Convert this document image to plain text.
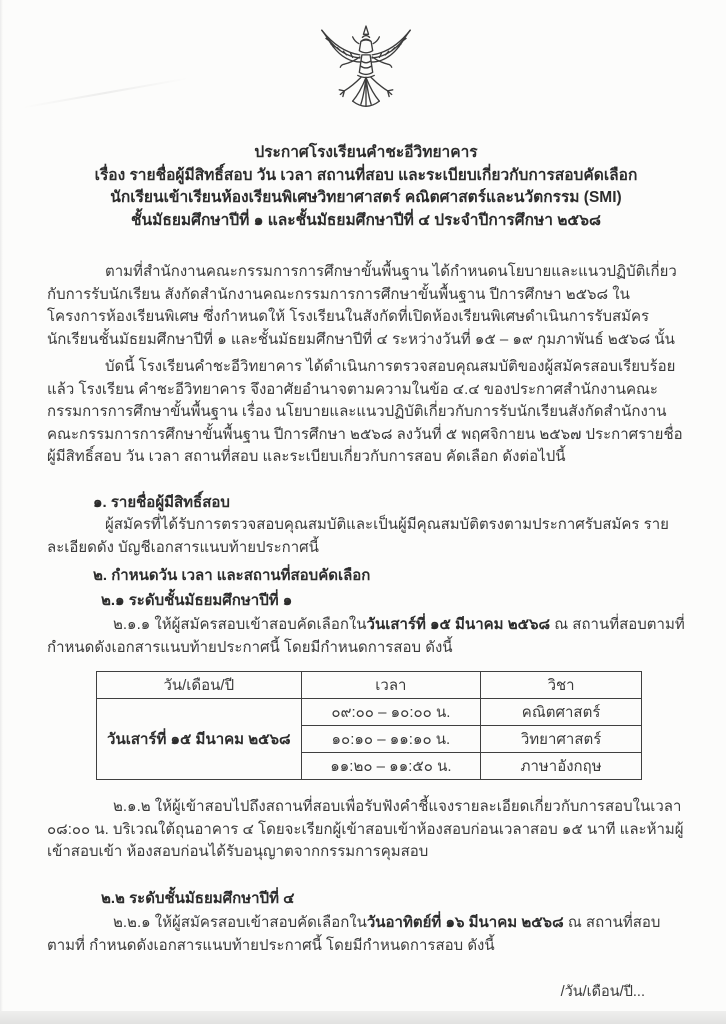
ประกาศโรงเรียนคำชะอีวิทยาคาร
เรื่อง รายชื่อผู้มีสิทธิ์สอบ วัน เวลา สถานที่สอบ และระเบียบเกี่ยวกับการสอบคัดเลือก
นักเรียนเข้าเรียนห้องเรียนพิเศษวิทยาศาสตร์ คณิตศาสตร์และนวัตกรรม (SMI)
ชั้นมัธยมศึกษาปีที่ ๑ และชั้นมัธยมศึกษาปีที่ ๔ ประจำปีการศึกษา ๒๕๖๘
ตามที่สำนักงานคณะกรรมการการศึกษาขั้นพื้นฐาน ได้กำหนดนโยบายและแนวปฏิบัติเกี่ยวกับการรับนักเรียน สังกัดสำนักงานคณะกรรมการการศึกษาขั้นพื้นฐาน ปีการศึกษา ๒๕๖๘ ในโครงการห้องเรียนพิเศษ ซึ่งกำหนดให้ โรงเรียนในสังกัดที่เปิดห้องเรียนพิเศษดำเนินการรับสมัครนักเรียนชั้นมัธยมศึกษาปีที่ ๑ และชั้นมัธยมศึกษาปีที่ ๔ ระหว่างวันที่ ๑๕ – ๑๙ กุมภาพันธ์ ๒๕๖๘ นั้น
บัดนี้ โรงเรียนคำชะอีวิทยาคาร ได้ดำเนินการตรวจสอบคุณสมบัติของผู้สมัครสอบเรียบร้อยแล้ว โรงเรียน คำชะอีวิทยาคาร จึงอาศัยอำนาจตามความในข้อ ๔.๔ ของประกาศสำนักงานคณะกรรมการการศึกษาขั้นพื้นฐาน เรื่อง นโยบายและแนวปฏิบัติเกี่ยวกับการรับนักเรียนสังกัดสำนักงานคณะกรรมการการศึกษาขั้นพื้นฐาน ปีการศึกษา ๒๕๖๘ ลงวันที่ ๕ พฤศจิกายน ๒๕๖๗ ประกาศรายชื่อผู้มีสิทธิ์สอบ วัน เวลา สถานที่สอบ และระเบียบเกี่ยวกับการสอบ คัดเลือก ดังต่อไปนี้
๑. รายชื่อผู้มีสิทธิ์สอบ
ผู้สมัครที่ได้รับการตรวจสอบคุณสมบัติและเป็นผู้มีคุณสมบัติตรงตามประกาศรับสมัคร รายละเอียดดัง บัญชีเอกสารแนบท้ายประกาศนี้
๒. กำหนดวัน เวลา และสถานที่สอบคัดเลือก
๒.๑ ระดับชั้นมัธยมศึกษาปีที่ ๑
๒.๑.๑ ให้ผู้สมัครสอบเข้าสอบคัดเลือกในวันเสาร์ที่ ๑๕ มีนาคม ๒๕๖๘ ณ สถานที่สอบตามที่ กำหนดดังเอกสารแนบท้ายประกาศนี้ โดยมีกำหนดการสอบ ดังนี้
วัน/เดือน/ปี	เวลา	วิชา
วันเสาร์ที่ ๑๕ มีนาคม ๒๕๖๘	๐๙:๐๐ – ๑๐:๐๐ น.	คณิตศาสตร์
	๑๐:๑๐ – ๑๑:๑๐ น.	วิทยาศาสตร์
	๑๑:๒๐ – ๑๑:๕๐ น.	ภาษาอังกฤษ
๒.๑.๒ ให้ผู้เข้าสอบไปถึงสถานที่สอบเพื่อรับฟังคำชี้แจงรายละเอียดเกี่ยวกับการสอบในเวลา ๐๘:๐๐ น. บริเวณใต้ถุนอาคาร ๔ โดยจะเรียกผู้เข้าสอบเข้าห้องสอบก่อนเวลาสอบ ๑๕ นาที และห้ามผู้เข้าสอบเข้า ห้องสอบก่อนได้รับอนุญาตจากกรรมการคุมสอบ
๒.๒ ระดับชั้นมัธยมศึกษาปีที่ ๔
๒.๒.๑ ให้ผู้สมัครสอบเข้าสอบคัดเลือกในวันอาทิตย์ที่ ๑๖ มีนาคม ๒๕๖๘ ณ สถานที่สอบตามที่ กำหนดดังเอกสารแนบท้ายประกาศนี้ โดยมีกำหนดการสอบ ดังนี้
/วัน/เดือน/ปี...
